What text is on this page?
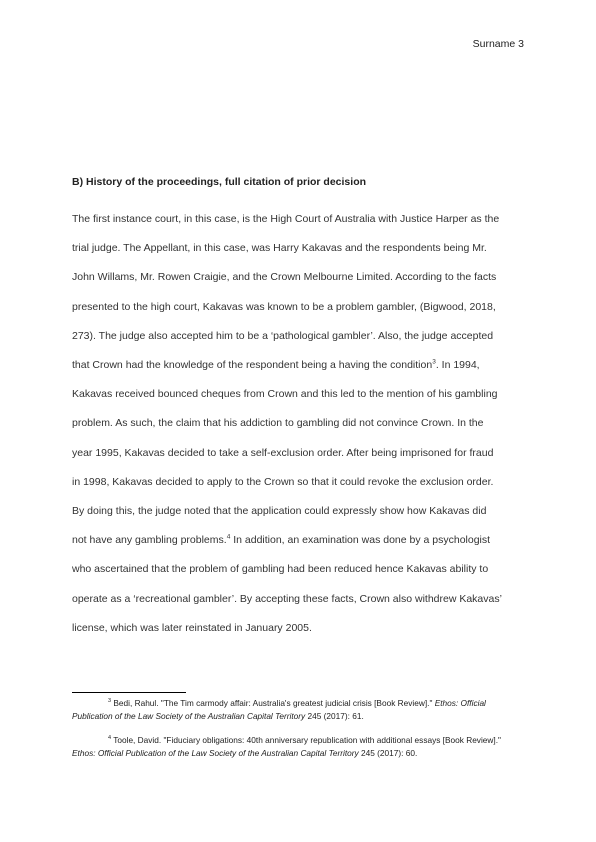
Surname 3
B) History of the proceedings, full citation of prior decision
The first instance court, in this case, is the High Court of Australia with Justice Harper as the
trial judge. The Appellant, in this case, was Harry Kakavas and the respondents being Mr.
John Willams, Mr. Rowen Craigie, and the Crown Melbourne Limited. According to the facts
presented to the high court, Kakavas was known to be a problem gambler, (Bigwood, 2018,
273). The judge also accepted him to be a ‘pathological gambler’. Also, the judge accepted
that Crown had the knowledge of the respondent being a having the condition$^3$. In 1994,
Kakavas received bounced cheques from Crown and this led to the mention of his gambling
problem. As such, the claim that his addiction to gambling did not convince Crown. In the
year 1995, Kakavas decided to take a self-exclusion order. After being imprisoned for fraud
in 1998, Kakavas decided to apply to the Crown so that it could revoke the exclusion order.
By doing this, the judge noted that the application could expressly show how Kakavas did
not have any gambling problems.$^4$ In addition, an examination was done by a psychologist
who ascertained that the problem of gambling had been reduced hence Kakavas ability to
operate as a ‘recreational gambler’. By accepting these facts, Crown also withdrew Kakavas’
license, which was later reinstated in January 2005.

$^3$ Bedi, Rahul. "The Tim carmody affair: Australia's greatest judicial crisis [Book Review]." Ethos: Official Publication of the Law Society of the Australian Capital Territory 245 (2017): 61.

$^4$ Toole, David. "Fiduciary obligations: 40th anniversary republication with additional essays [Book Review]." Ethos: Official Publication of the Law Society of the Australian Capital Territory 245 (2017): 60.
